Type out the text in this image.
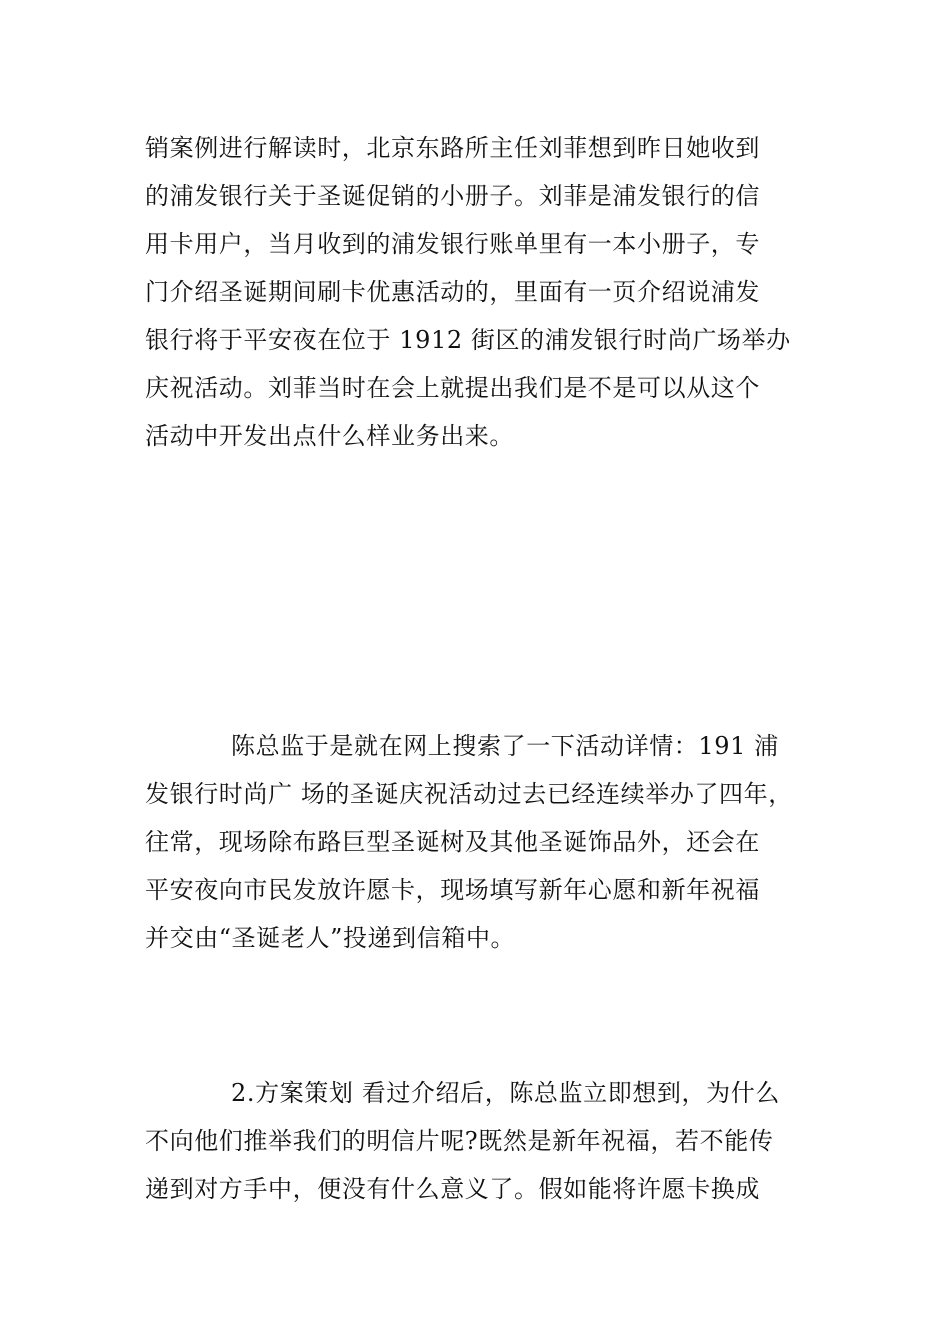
销案例进行解读时，北京东路所主任刘菲想到昨日她收到
的浦发银行关于圣诞促销的小册子。刘菲是浦发银行的信
用卡用户，当月收到的浦发银行账单里有一本小册子，专
门介绍圣诞期间刷卡优惠活动的，里面有一页介绍说浦发
银行将于平安夜在位于 1912 街区的浦发银行时尚广场举办
庆祝活动。刘菲当时在会上就提出我们是不是可以从这个
活动中开发出点什么样业务出来。
陈总监于是就在网上搜索了一下活动详情：191 浦
发银行时尚广 场的圣诞庆祝活动过去已经连续举办了四年，
往常，现场除布路巨型圣诞树及其他圣诞饰品外，还会在
平安夜向市民发放许愿卡，现场填写新年心愿和新年祝福
并交由“圣诞老人”投递到信箱中。
2.方案策划 看过介绍后，陈总监立即想到，为什么
不向他们推举我们的明信片呢?既然是新年祝福，若不能传
递到对方手中，便没有什么意义了。假如能将许愿卡换成
